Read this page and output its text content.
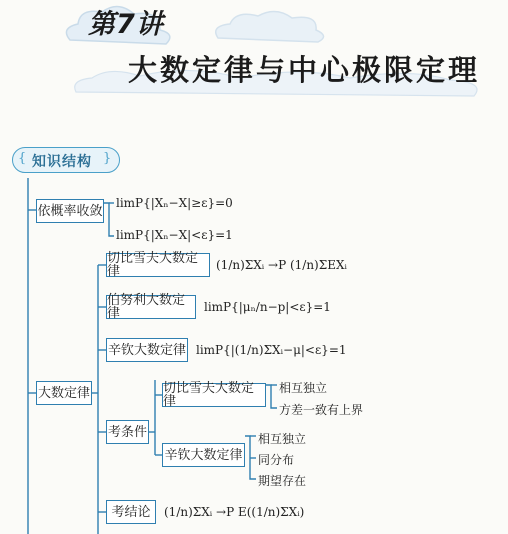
第7讲
大数定律与中心极限定理
{ 知识结构 }
依概率收敛
大数定律
切比雪夫大数定律
伯努利大数定律
辛钦大数定律
考条件
切比雪夫大数定律
辛钦大数定律
考结论
limP{|Xₙ−X|≥ε}=0
limP{|Xₙ−X|<ε}=1
(1/n)ΣXᵢ →P (1/n)ΣEXᵢ
limP{|μₙ/n−p|<ε}=1
limP{|(1/n)ΣXᵢ−μ|<ε}=1
相互独立
方差一致有上界
相互独立
同分布
期望存在
(1/n)ΣXᵢ →P E((1/n)ΣXᵢ)
